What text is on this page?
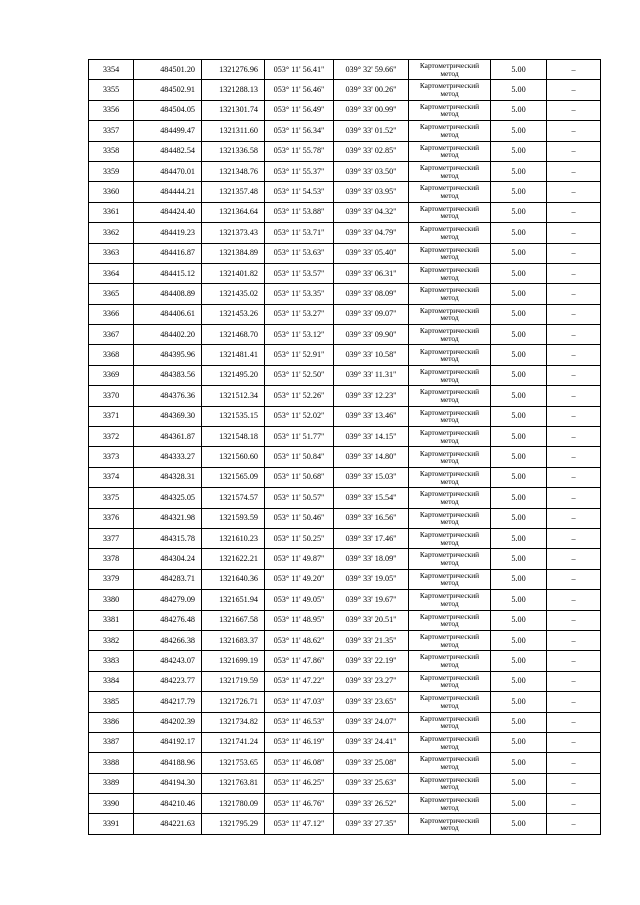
3354	484501.20	1321276.96	053° 11' 56.41"	039° 32' 59.66"	Картометрический метод	5.00	–
3355	484502.91	1321288.13	053° 11' 56.46"	039° 33' 00.26"	Картометрический метод	5.00	–
3356	484504.05	1321301.74	053° 11' 56.49"	039° 33' 00.99"	Картометрический метод	5.00	–
3357	484499.47	1321311.60	053° 11' 56.34"	039° 33' 01.52"	Картометрический метод	5.00	–
3358	484482.54	1321336.58	053° 11' 55.78"	039° 33' 02.85"	Картометрический метод	5.00	–
3359	484470.01	1321348.76	053° 11' 55.37"	039° 33' 03.50"	Картометрический метод	5.00	–
3360	484444.21	1321357.48	053° 11' 54.53"	039° 33' 03.95"	Картометрический метод	5.00	–
3361	484424.40	1321364.64	053° 11' 53.88"	039° 33' 04.32"	Картометрический метод	5.00	–
3362	484419.23	1321373.43	053° 11' 53.71"	039° 33' 04.79"	Картометрический метод	5.00	–
3363	484416.87	1321384.89	053° 11' 53.63"	039° 33' 05.40"	Картометрический метод	5.00	–
3364	484415.12	1321401.82	053° 11' 53.57"	039° 33' 06.31"	Картометрический метод	5.00	–
3365	484408.89	1321435.02	053° 11' 53.35"	039° 33' 08.09"	Картометрический метод	5.00	–
3366	484406.61	1321453.26	053° 11' 53.27"	039° 33' 09.07"	Картометрический метод	5.00	–
3367	484402.20	1321468.70	053° 11' 53.12"	039° 33' 09.90"	Картометрический метод	5.00	–
3368	484395.96	1321481.41	053° 11' 52.91"	039° 33' 10.58"	Картометрический метод	5.00	–
3369	484383.56	1321495.20	053° 11' 52.50"	039° 33' 11.31"	Картометрический метод	5.00	–
3370	484376.36	1321512.34	053° 11' 52.26"	039° 33' 12.23"	Картометрический метод	5.00	–
3371	484369.30	1321535.15	053° 11' 52.02"	039° 33' 13.46"	Картометрический метод	5.00	–
3372	484361.87	1321548.18	053° 11' 51.77"	039° 33' 14.15"	Картометрический метод	5.00	–
3373	484333.27	1321560.60	053° 11' 50.84"	039° 33' 14.80"	Картометрический метод	5.00	–
3374	484328.31	1321565.09	053° 11' 50.68"	039° 33' 15.03"	Картометрический метод	5.00	–
3375	484325.05	1321574.57	053° 11' 50.57"	039° 33' 15.54"	Картометрический метод	5.00	–
3376	484321.98	1321593.59	053° 11' 50.46"	039° 33' 16.56"	Картометрический метод	5.00	–
3377	484315.78	1321610.23	053° 11' 50.25"	039° 33' 17.46"	Картометрический метод	5.00	–
3378	484304.24	1321622.21	053° 11' 49.87"	039° 33' 18.09"	Картометрический метод	5.00	–
3379	484283.71	1321640.36	053° 11' 49.20"	039° 33' 19.05"	Картометрический метод	5.00	–
3380	484279.09	1321651.94	053° 11' 49.05"	039° 33' 19.67"	Картометрический метод	5.00	–
3381	484276.48	1321667.58	053° 11' 48.95"	039° 33' 20.51"	Картометрический метод	5.00	–
3382	484266.38	1321683.37	053° 11' 48.62"	039° 33' 21.35"	Картометрический метод	5.00	–
3383	484243.07	1321699.19	053° 11' 47.86"	039° 33' 22.19"	Картометрический метод	5.00	–
3384	484223.77	1321719.59	053° 11' 47.22"	039° 33' 23.27"	Картометрический метод	5.00	–
3385	484217.79	1321726.71	053° 11' 47.03"	039° 33' 23.65"	Картометрический метод	5.00	–
3386	484202.39	1321734.82	053° 11' 46.53"	039° 33' 24.07"	Картометрический метод	5.00	–
3387	484192.17	1321741.24	053° 11' 46.19"	039° 33' 24.41"	Картометрический метод	5.00	–
3388	484188.96	1321753.65	053° 11' 46.08"	039° 33' 25.08"	Картометрический метод	5.00	–
3389	484194.30	1321763.81	053° 11' 46.25"	039° 33' 25.63"	Картометрический метод	5.00	–
3390	484210.46	1321780.09	053° 11' 46.76"	039° 33' 26.52"	Картометрический метод	5.00	–
3391	484221.63	1321795.29	053° 11' 47.12"	039° 33' 27.35"	Картометрический метод	5.00	–
